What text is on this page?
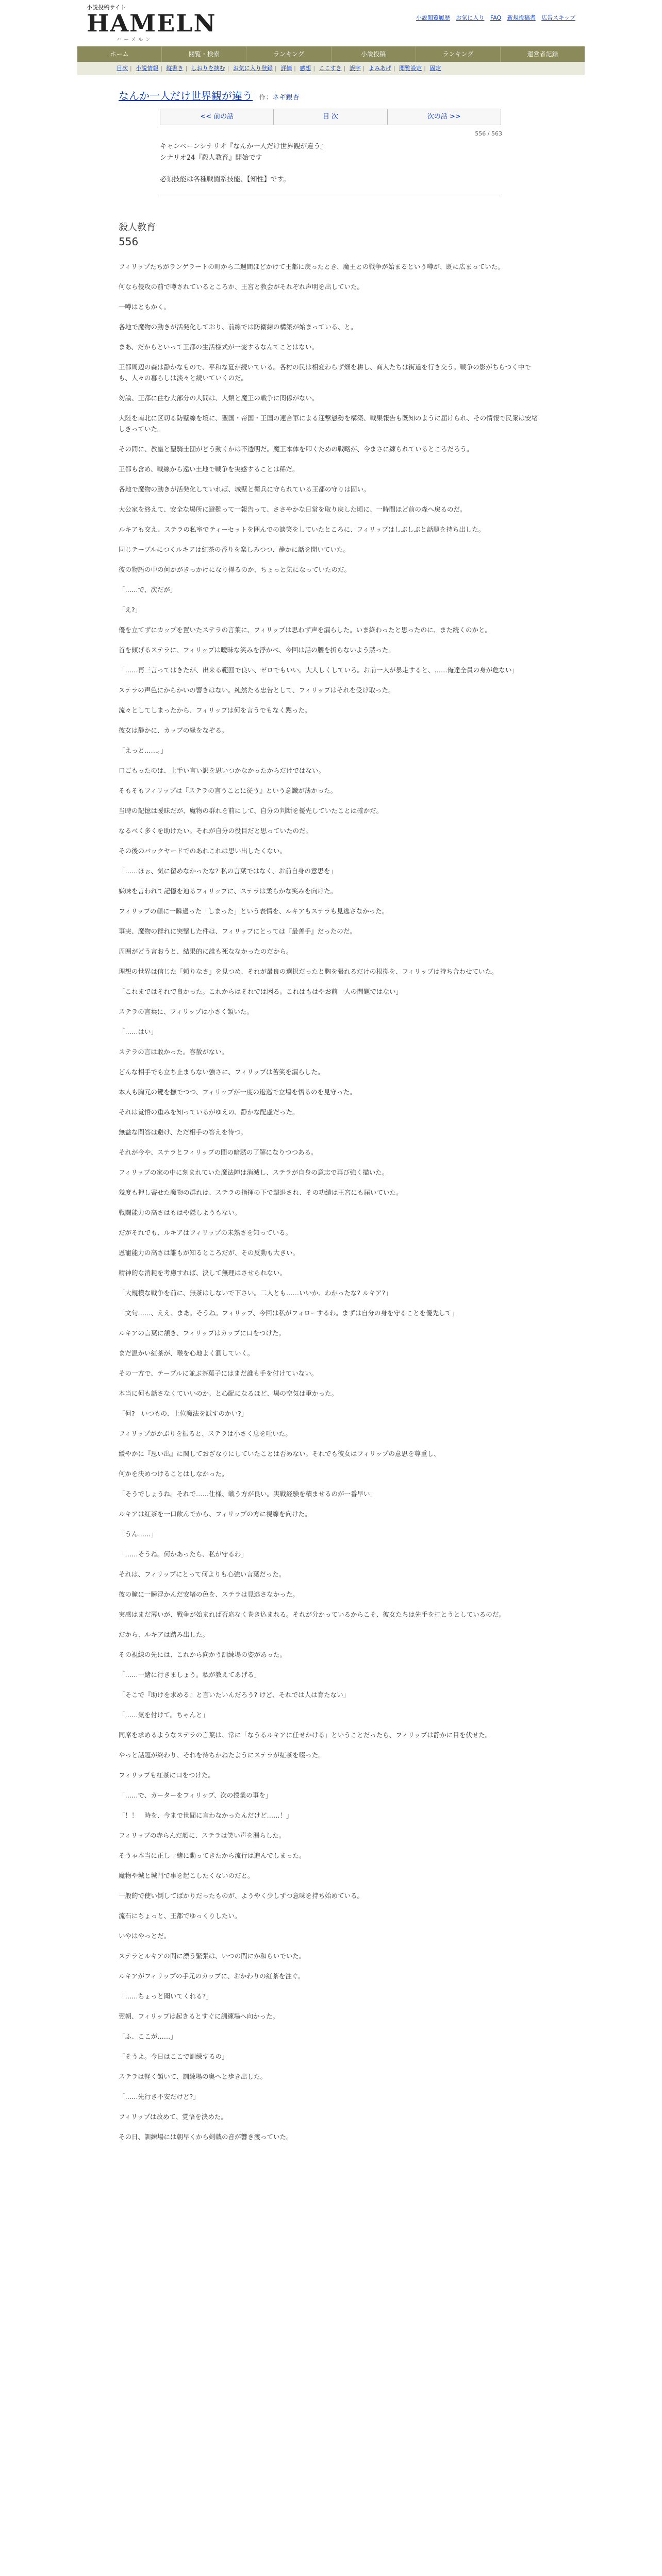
小説投稿サイト
HAMELN
ハーメルン
小説閲覧履歴 お気に入り FAQ 新規投稿者 広告スキップ
ホーム	閲覧・検索	ランキング	小説投稿	ランキング	運営者記録
目次 | 小説情報 | 縦書き | しおりを挟む | お気に入り登録 | 評価 | 感想 | ここすき | 誤字 | よみあげ | 閲覧設定 | 固定
なんか一人だけ世界観が違う 作：ネギ銀杏
<< 前の話	目 次	次の話 >>
556 / 563

キャンペーンシナリオ『なんか一人だけ世界観が違う』

シナリオ24『殺人教育』開始です

必須技能は各種戦闘系技能、【知性】です。

殺人教育
556

フィリップたちがランゲラートの町から二週間ほどかけて王都に戻ったとき、魔王との戦争が始まるという噂が、既に広まっていた。

何なら侵攻の前で噂されているところか、王宮と教会がそれぞれ声明を出していた。

一噂はともかく。

各地で魔物の動きが活発化しており、前線では防衛線の構築が始まっている、と。

まあ、だからといって王都の生活様式が一変するなんてことはない。

王都周辺の森は静かなもので、平和な夏が続いている。各村の民は相変わらず畑を耕し、商人たちは街道を行き交う。戦争の影がちらつく中でも、人々の暮らしは淡々と続いていくのだ。

勿論、王都に住む大部分の人間は、人類と魔王の戦争に関係がない。

大陸を南北に区切る防壁線を境に、聖国・帝国・王国の連合軍による迎撃態勢を構築、戦果報告も既知のように届けられ、その情報で民衆は安堵しきっていた。

その間に、教皇と聖騎士団がどう動くかは不透明だ。魔王本体を叩くための戦略が、今まさに練られているところだろう。

王都も含め、戦線から遠い土地で戦争を実感することは稀だ。

各地で魔物の動きが活発化していれば、城壁と衛兵に守られている王都の守りは固い。

大公家を終えて、安全な場所に避難って一報告って、ささやかな日常を取り戻した頃に、一時間ほど前の森へ戻るのだ。

ルキアも交え、ステラの私室でティーセットを囲んでの談笑をしていたところに、フィリップはしぶしぶと話題を持ち出した。

同じテーブルにつくルキアは紅茶の香りを楽しみつつ、静かに話を聞いていた。

彼の物語の中の何かがきっかけになり得るのか、ちょっと気になっていたのだ。

「……で、次だが」

「え?」

優を立てずにカップを置いたステラの言葉に、フィリップは思わず声を漏らした。いま終わったと思ったのに、また続くのかと。

首を傾げるステラに、フィリップは曖昧な笑みを浮かべ、今回は話の腰を折らないよう黙った。

「……再三言ってはきたが、出来る範囲で良い、ゼロでもいい。大人しくしていろ。お前一人が暴走すると、……俺達全員の身が危ない」

ステラの声色にからかいの響きはない。純然たる忠告として、フィリップはそれを受け取った。

流々としてしまったから、フィリップは何を言うでもなく黙った。

彼女は静かに、カップの縁をなぞる。

「えっと……。」

口ごもったのは、上手い言い訳を思いつかなかったからだけではない。

そもそもフィリップは『ステラの言うことに従う』という意識が薄かった。

当時の記憶は曖昧だが、魔物の群れを前にして、自分の判断を優先していたことは確かだ。

なるべく多くを助けたい。それが自分の役目だと思っていたのだ。

その後のバックヤードでのあれこれは思い出したくない。

「……ほぉ、気に留めなかったな? 私の言葉ではなく、お前自身の意思を」

嫌味を言われて記憶を辿るフィリップに、ステラは柔らかな笑みを向けた。

フィリップの顔に一瞬過った「しまった」という表情を、ルキアもステラも見逃さなかった。

事実、魔物の群れに突撃した件は、フィリップにとっては『最善手』だったのだ。

周囲がどう言おうと、結果的に誰も死ななかったのだから。

理想の世界は信じた「頼りなさ」を見つめ、それが最良の選択だったと胸を張れるだけの根拠を、フィリップは持ち合わせていた。

「これまではそれで良かった。これからはそれでは困る。これはもはやお前一人の問題ではない」

ステラの言葉に、フィリップは小さく頷いた。

「……はい」

ステラの言は敢かった。容赦がない。

どんな相手でも立ち止まらない強さに、フィリップは苦笑を漏らした。

本人も胸元の鍵を撫でつつ、フィリップが一度の逡巡で立場を悟るのを見守った。

それは覚悟の重みを知っているがゆえの、静かな配慮だった。

無益な問答は避け、ただ相手の答えを待つ。

それが今や、ステラとフィリップの間の暗黙の了解になりつつある。

フィリップの家の中に刻まれていた魔法陣は消滅し、ステラが自身の意志で再び強く描いた。

幾度も押し寄せた魔物の群れは、ステラの指揮の下で撃退され、その功績は王宮にも届いていた。

戦闘能力の高さはもはや隠しようもない。

だがそれでも、ルキアはフィリップの未熟さを知っている。

恩寵能力の高さは誰もが知るところだが、その反動も大きい。

精神的な消耗を考慮すれば、決して無理はさせられない。

「大規模な戦争を前に、無茶はしないで下さい。二人とも……いいか、わかったな? ルキア?」

「文句……、ええ、まあ。そうね。フィリップ、今回は私がフォローするわ。まずは自分の身を守ることを優先して」

ルキアの言葉に頷き、フィリップはカップに口をつけた。

まだ温かい紅茶が、喉を心地よく潤していく。

その一方で、テーブルに並ぶ茶菓子にはまだ誰も手を付けていない。

本当に何も話さなくていいのか、と心配になるほど、場の空気は重かった。

「何?　いつもの、上位魔法を試すのかい?」

フィリップがかぶりを振ると、ステラは小さく息を吐いた。

緩やかに『思い出』に関しておざなりにしていたことは否めない。それでも彼女はフィリップの意思を尊重し、

何かを決めつけることはしなかった。

「そうでしょうね。それで……仕様、戦う方が良い。実戦経験を積ませるのが一番早い」

ルキアは紅茶を一口飲んでから、フィリップの方に視線を向けた。

「うん……」

「……そうね。何かあったら、私が守るわ」

それは、フィリップにとって何よりも心強い言葉だった。

彼の瞳に一瞬浮かんだ安堵の色を、ステラは見逃さなかった。

実感はまだ薄いが、戦争が始まれば否応なく巻き込まれる。それが分かっているからこそ、彼女たちは先手を打とうとしているのだ。

だから、ルキアは踏み出した。

その視線の先には、これから向かう訓練場の姿があった。

「……一緒に行きましょう。私が教えてあげる」

「そこで『助けを求める』と言いたいんだろう? けど、それでは人は育たない」

「……気を付けて。ちゃんと」

同席を求めるようなステラの言葉は、常に「なうるルキアに任せかける」ということだったら、フィリップは静かに目を伏せた。

やっと話題が終わり、それを待ちかねたようにステラが紅茶を啜った。

フィリップも紅茶に口をつけた。

「……で、カーターをフィリップ、次の授業の事を」

「！！　時を、今まで世間に言わなかったんだけど……！」

フィリップの赤らんだ顔に、ステラは笑い声を漏らした。

そうゃ本当に正し一緒に動ってきたから流行は進んでしまった。

魔物や城と城門で事を起こしたくないのだと。

一般的で使い倒してばかりだったものが、ようやく少しずつ意味を持ち始めている。

流石にちょっと、王都でゆっくりしたい。

いやはやっとだ。

ステラとルキアの間に漂う緊張は、いつの間にか和らいでいた。

ルキアがフィリップの手元のカップに、おかわりの紅茶を注ぐ。

「……ちょっと聞いてくれる?」

翌朝、フィリップは起きるとすぐに訓練場へ向かった。

「ふ、ここが……」

「そうよ。今日はここで訓練するの」

ステラは軽く頷いて、訓練場の奥へと歩き出した。

「……先行き不安だけど?」

フィリップは改めて、覚悟を決めた。

その日、訓練場には朝早くから剣戟の音が響き渡っていた。
